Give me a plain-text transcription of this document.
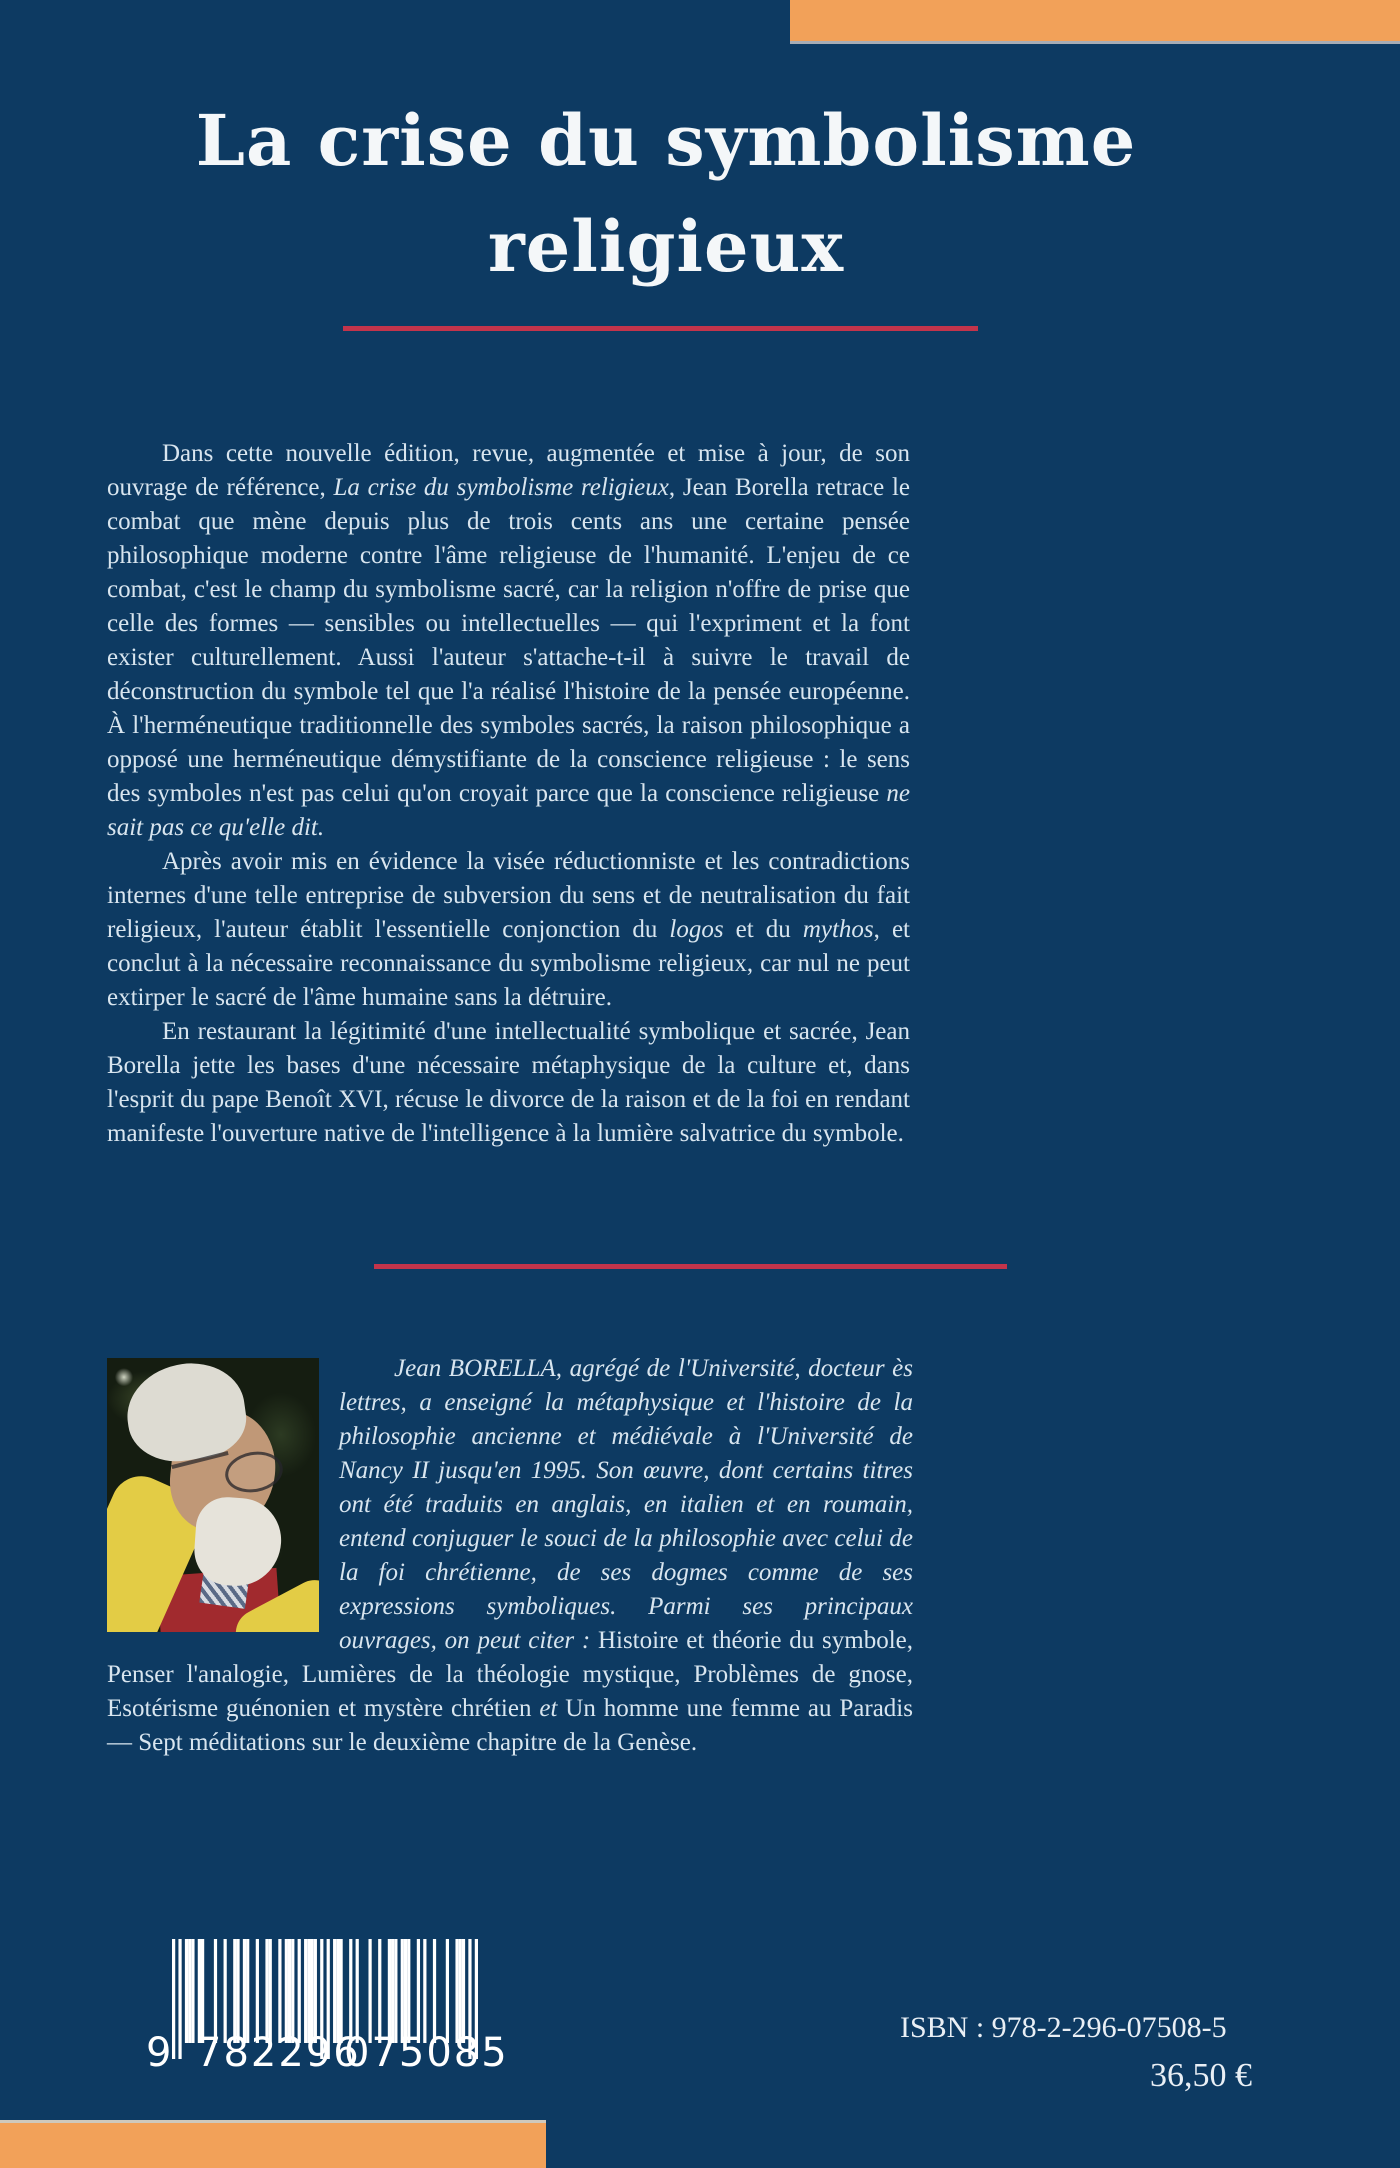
La crise du symbolisme
religieux

Dans cette nouvelle édition, revue, augmentée et mise à jour, de son ouvrage de référence, La crise du symbolisme religieux, Jean Borella retrace le combat que mène depuis plus de trois cents ans une certaine pensée philosophique moderne contre l'âme religieuse de l'humanité. L'enjeu de ce combat, c'est le champ du symbolisme sacré, car la religion n'offre de prise que celle des formes — sensibles ou intellectuelles — qui l'expriment et la font exister culturellement. Aussi l'auteur s'attache-t-il à suivre le travail de déconstruction du symbole tel que l'a réalisé l'histoire de la pensée européenne. À l'herméneutique traditionnelle des symboles sacrés, la raison philosophique a opposé une herméneutique démystifiante de la conscience religieuse : le sens des symboles n'est pas celui qu'on croyait parce que la conscience religieuse ne sait pas ce qu'elle dit.

Après avoir mis en évidence la visée réductionniste et les contradictions internes d'une telle entreprise de subversion du sens et de neutralisation du fait religieux, l'auteur établit l'essentielle conjonction du logos et du mythos, et conclut à la nécessaire reconnaissance du symbolisme religieux, car nul ne peut extirper le sacré de l'âme humaine sans la détruire.

En restaurant la légitimité d'une intellectualité symbolique et sacrée, Jean Borella jette les bases d'une nécessaire métaphysique de la culture et, dans l'esprit du pape Benoît XVI, récuse le divorce de la raison et de la foi en rendant manifeste l'ouverture native de l'intelligence à la lumière salvatrice du symbole.

Jean BORELLA, agrégé de l'Université, docteur ès lettres, a enseigné la métaphysique et l'histoire de la philosophie ancienne et médiévale à l'Université de Nancy II jusqu'en 1995. Son œuvre, dont certains titres ont été traduits en anglais, en italien et en roumain, entend conjuguer le souci de la philosophie avec celui de la foi chrétienne, de ses dogmes comme de ses expressions symboliques. Parmi ses principaux ouvrages, on peut citer : Histoire et théorie du symbole, Penser l'analogie, Lumières de la théologie mystique, Problèmes de gnose, Esotérisme guénonien et mystère chrétien et Un homme une femme au Paradis — Sept méditations sur le deuxième chapitre de la Genèse.

9 782296
075085
ISBN : 978-2-296-07508-5
36,50 €
